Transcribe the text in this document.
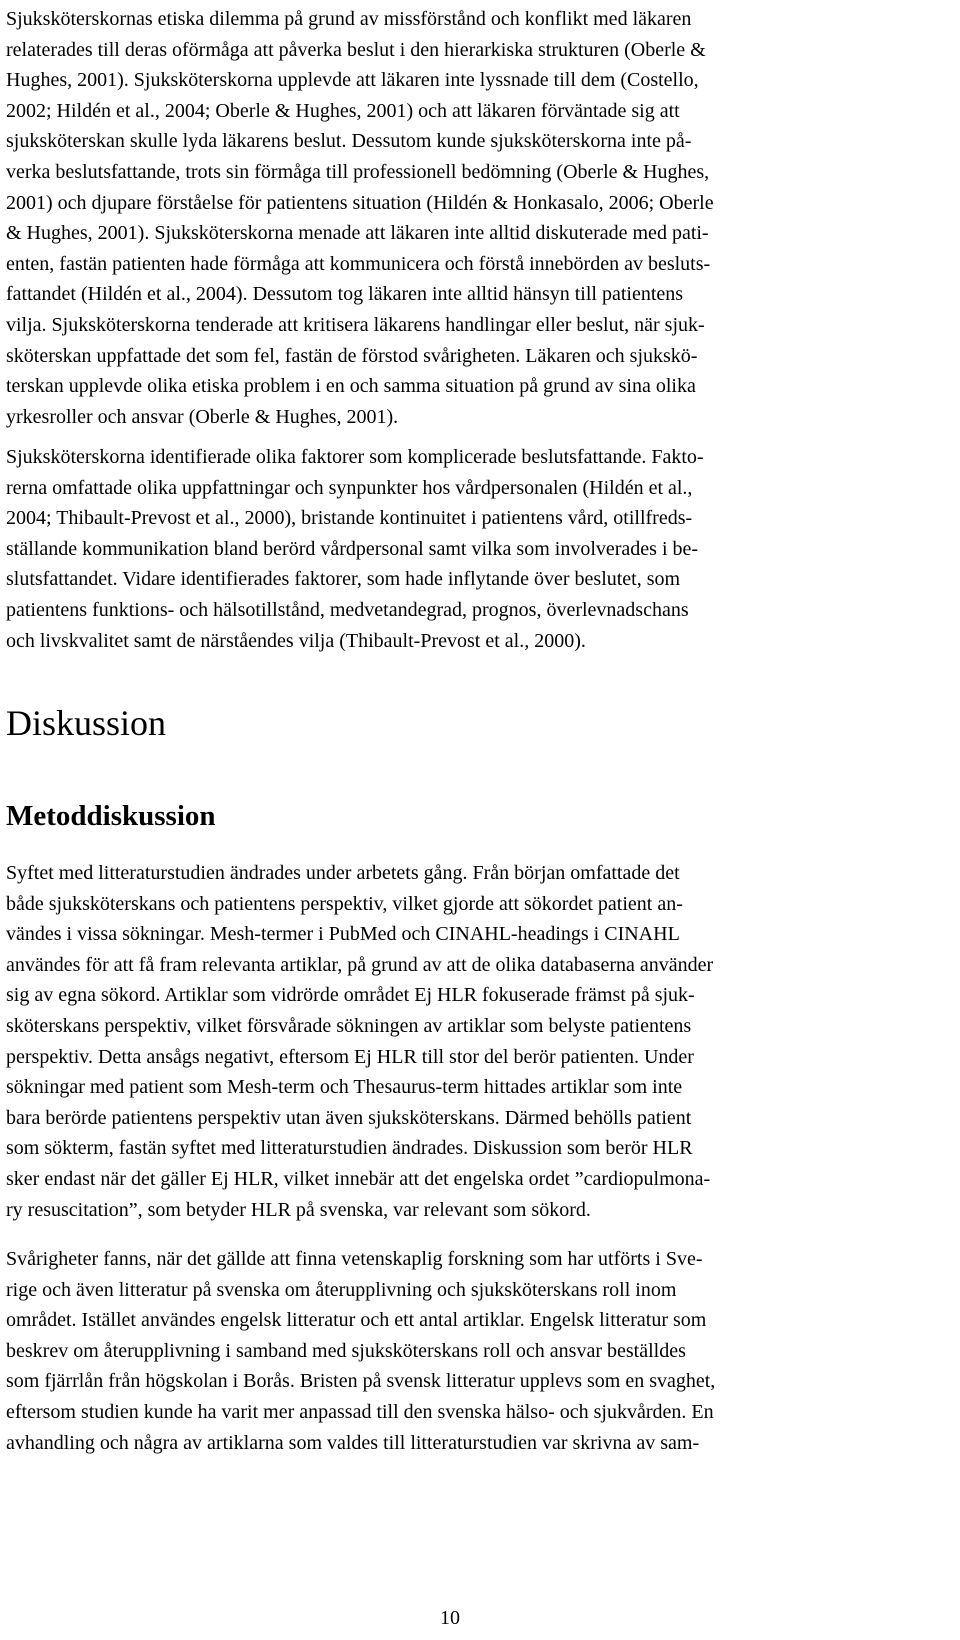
Sjuksköterskornas etiska dilemma på grund av missförstånd och konflikt med läkaren
relaterades till deras oförmåga att påverka beslut i den hierarkiska strukturen (Oberle &
Hughes, 2001). Sjuksköterskorna upplevde att läkaren inte lyssnade till dem (Costello,
2002; Hildén et al., 2004; Oberle & Hughes, 2001) och att läkaren förväntade sig att
sjuksköterskan skulle lyda läkarens beslut. Dessutom kunde sjuksköterskorna inte på-
verka beslutsfattande, trots sin förmåga till professionell bedömning (Oberle & Hughes,
2001) och djupare förståelse för patientens situation (Hildén & Honkasalo, 2006; Oberle
& Hughes, 2001). Sjuksköterskorna menade att läkaren inte alltid diskuterade med pati-
enten, fastän patienten hade förmåga att kommunicera och förstå innebörden av besluts-
fattandet (Hildén et al., 2004). Dessutom tog läkaren inte alltid hänsyn till patientens
vilja. Sjuksköterskorna tenderade att kritisera läkarens handlingar eller beslut, när sjuk-
sköterskan uppfattade det som fel, fastän de förstod svårigheten. Läkaren och sjukskö-
terskan upplevde olika etiska problem i en och samma situation på grund av sina olika
yrkesroller och ansvar (Oberle & Hughes, 2001).
Sjuksköterskorna identifierade olika faktorer som komplicerade beslutsfattande. Fakto-
rerna omfattade olika uppfattningar och synpunkter hos vårdpersonalen (Hildén et al.,
2004; Thibault-Prevost et al., 2000), bristande kontinuitet i patientens vård, otillfreds-
ställande kommunikation bland berörd vårdpersonal samt vilka som involverades i be-
slutsfattandet. Vidare identifierades faktorer, som hade inflytande över beslutet, som
patientens funktions- och hälsotillstånd, medvetandegrad, prognos, överlevnadschans
och livskvalitet samt de närståendes vilja (Thibault-Prevost et al., 2000).
Diskussion
Metoddiskussion
Syftet med litteraturstudien ändrades under arbetets gång. Från början omfattade det
både sjuksköterskans och patientens perspektiv, vilket gjorde att sökordet patient an-
vändes i vissa sökningar. Mesh-termer i PubMed och CINAHL-headings i CINAHL
användes för att få fram relevanta artiklar, på grund av att de olika databaserna använder
sig av egna sökord. Artiklar som vidrörde området Ej HLR fokuserade främst på sjuk-
sköterskans perspektiv, vilket försvårade sökningen av artiklar som belyste patientens
perspektiv. Detta ansågs negativt, eftersom Ej HLR till stor del berör patienten. Under
sökningar med patient som Mesh-term och Thesaurus-term hittades artiklar som inte
bara berörde patientens perspektiv utan även sjuksköterskans. Därmed behölls patient
som sökterm, fastän syftet med litteraturstudien ändrades. Diskussion som berör HLR
sker endast när det gäller Ej HLR, vilket innebär att det engelska ordet ”cardiopulmona-
ry resuscitation”, som betyder HLR på svenska, var relevant som sökord.
Svårigheter fanns, när det gällde att finna vetenskaplig forskning som har utförts i Sve-
rige och även litteratur på svenska om återupplivning och sjuksköterskans roll inom
området. Istället användes engelsk litteratur och ett antal artiklar. Engelsk litteratur som
beskrev om återupplivning i samband med sjuksköterskans roll och ansvar beställdes
som fjärrlån från högskolan i Borås. Bristen på svensk litteratur upplevs som en svaghet,
eftersom studien kunde ha varit mer anpassad till den svenska hälso- och sjukvården. En
avhandling och några av artiklarna som valdes till litteraturstudien var skrivna av sam-
10
